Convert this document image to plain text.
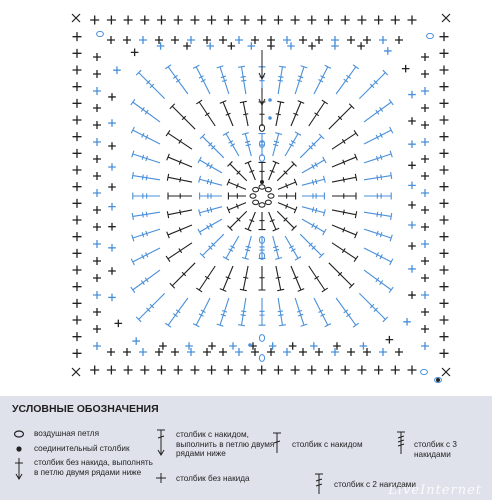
УСЛОВНЫЕ ОБОЗНАЧЕНИЯ
воздушная петля
соединительный столбик
столбик без накида, выполнять в петлю двумя рядами ниже
столбик с накидом, выполнить в петлю двумя рядами ниже
столбик без накида
столбик с накидом
столбик с 2 накидами
столбик с 3 накидами
LiveInternet
